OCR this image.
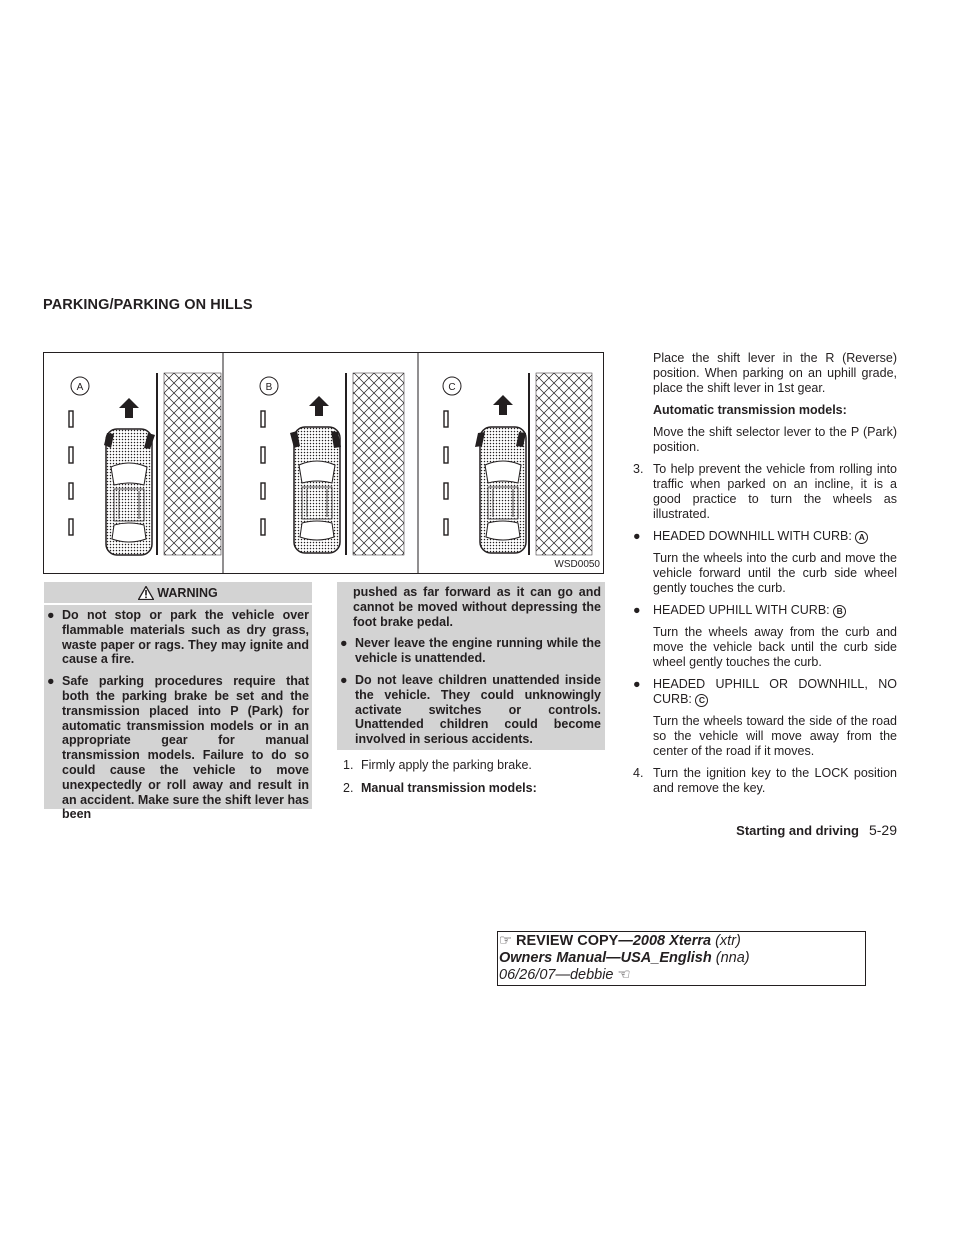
PARKING/PARKING ON HILLS
A	B	C
WSD0050
WARNING
● Do not stop or park the vehicle over flammable materials such as dry grass, waste paper or rags. They may ignite and cause a fire.
● Safe parking procedures require that both the parking brake be set and the transmission placed into P (Park) for automatic transmission models or in an appropriate gear for manual transmission models. Failure to do so could cause the vehicle to move unexpectedly or roll away and result in an accident. Make sure the shift lever has been
pushed as far forward as it can go and cannot be moved without depressing the foot brake pedal.
● Never leave the engine running while the vehicle is unattended.
● Do not leave children unattended inside the vehicle. They could unknowingly activate switches or controls. Unattended children could become involved in serious accidents.
1. Firmly apply the parking brake.
2. Manual transmission models:

Place the shift lever in the R (Reverse) position. When parking on an uphill grade, place the shift lever in 1st gear.

Automatic transmission models:

Move the shift selector lever to the P (Park) position.

3. To help prevent the vehicle from rolling into traffic when parked on an incline, it is a good practice to turn the wheels as illustrated.
● HEADED DOWNHILL WITH CURB: A

Turn the wheels into the curb and move the vehicle forward until the curb side wheel gently touches the curb.

● HEADED UPHILL WITH CURB: B

Turn the wheels away from the curb and move the vehicle back until the curb side wheel gently touches the curb.

● HEADED UPHILL OR DOWNHILL, NO CURB: C

Turn the wheels toward the side of the road so the vehicle will move away from the center of the road if it moves.

4. Turn the ignition key to the LOCK position and remove the key.
Starting and driving 5-29
☞ REVIEW COPY—2008 Xterra (xtr)
Owners Manual—USA_English (nna)
06/26/07—debbie ☜
